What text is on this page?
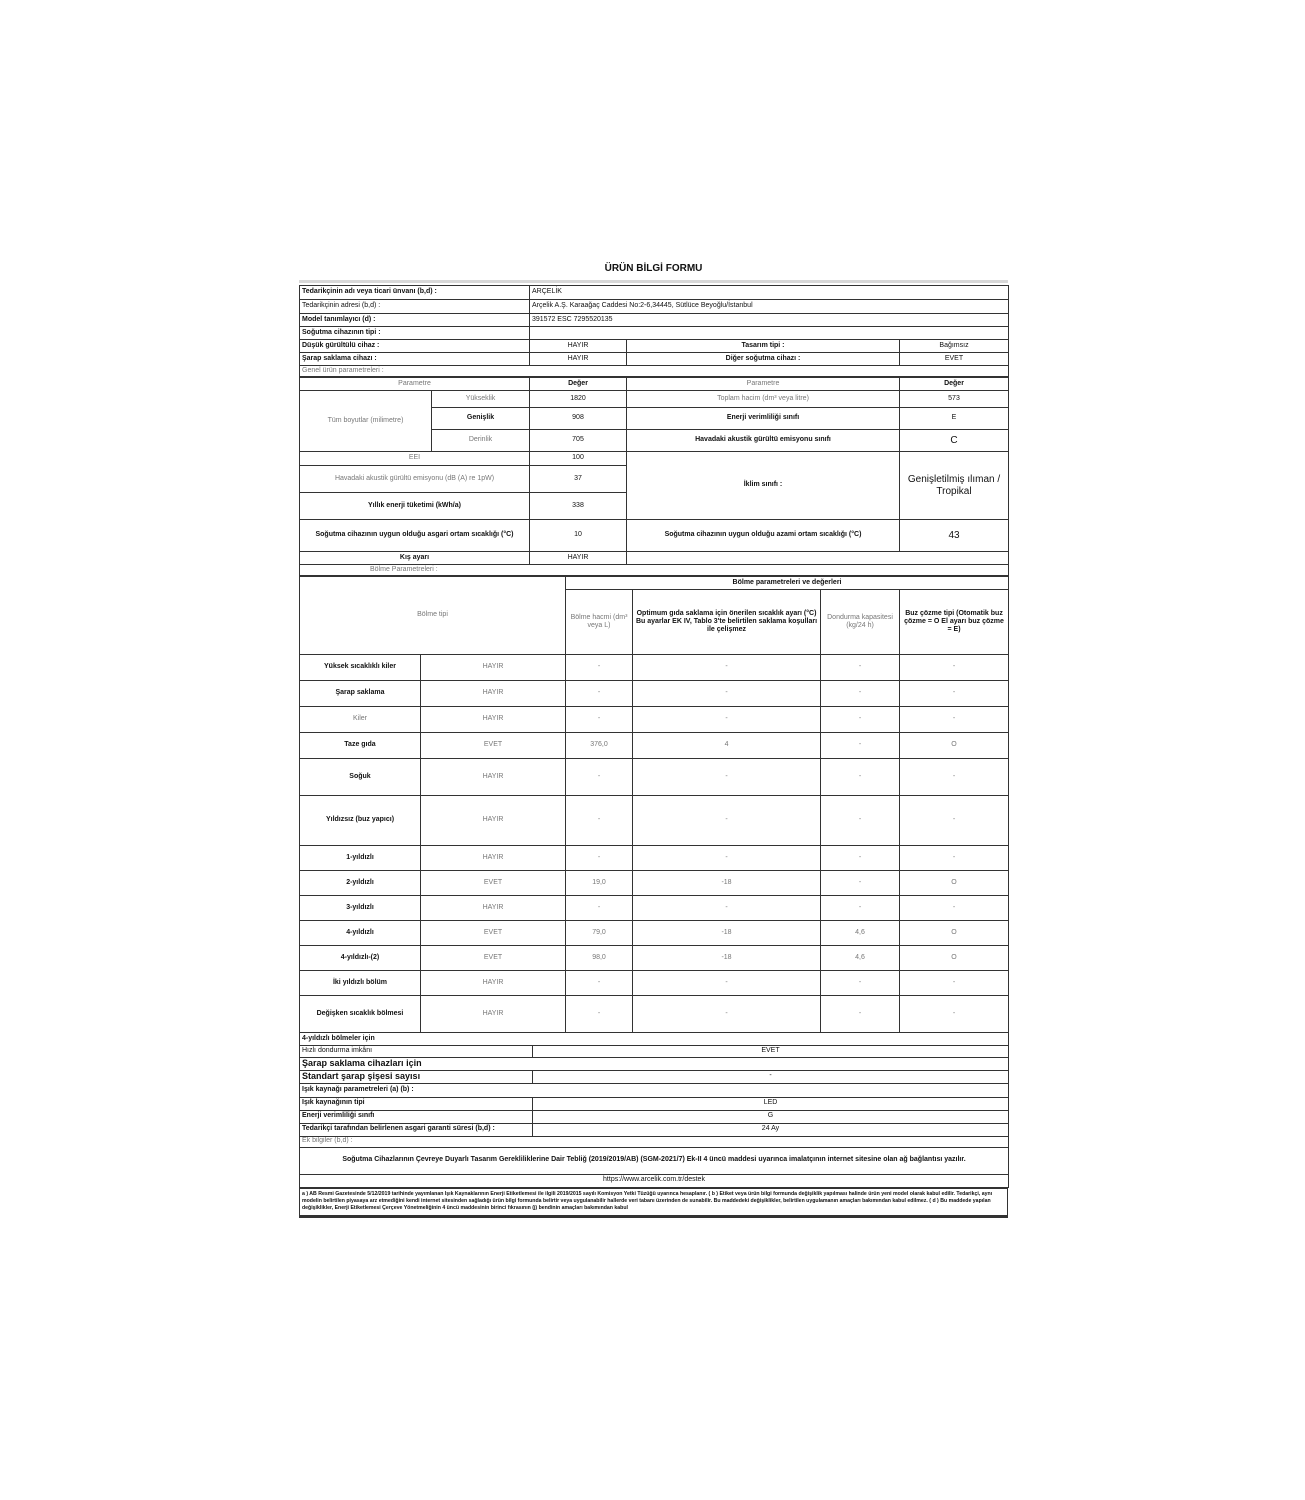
ÜRÜN BİLGİ FORMU
Tedarikçinin adı veya ticari ünvanı (b,d) :	ARÇELİK		
Tedarikçinin adresi (b,d) :	Arçelik A.Ş. Karaağaç Caddesi No:2-6,34445, Sütlüce Beyoğlu/İstanbul		
Model tanımlayıcı (d) :	391572 ESC 7295520135		
Soğutma cihazının tipi :			
Düşük gürültülü cihaz :	HAYIR	Tasarım tipi :	Bağımsız
Şarap saklama cihazı :	HAYIR	Diğer soğutma cihazı :	EVET
Genel ürün parametreleri :			
Parametre		Değer	Parametre	Değer
Tüm boyutlar (milimetre)	Yükseklik	1820	Toplam hacim (dm³ veya litre)	573
	Genişlik	908	Enerji verimliliği sınıfı	E
	Derinlik	705	Havadaki akustik gürültü emisyonu sınıfı	C
EEI		100	İklim sınıfı :	Genişletilmiş ılıman / Tropikal
Havadaki akustik gürültü emisyonu (dB (A) re 1pW)		37		
Yıllık enerji tüketimi (kWh/a)		338		
Soğutma cihazının uygun olduğu asgari ortam sıcaklığı (°C)		10	Soğutma cihazının uygun olduğu azami ortam sıcaklığı (°C)	43
Kış ayarı		HAYIR		
Bölme Parametreleri :				
Bölme tipi		Bölme parametreleri ve değerleri			
		Bölme hacmi (dm³ veya L)	Optimum gıda saklama için önerilen sıcaklık ayarı (°C) Bu ayarlar EK IV, Tablo 3'te belirtilen saklama koşulları ile çelişmez	Dondurma kapasitesi (kg/24 h)	Buz çözme tipi (Otomatik buz çözme = O El ayarı buz çözme = E)
Yüksek sıcaklıklı kiler	HAYIR	-	-	-	-
Şarap saklama	HAYIR	-	-	-	-
Kiler	HAYIR	-	-	-	-
Taze gıda	EVET	376,0	4	-	O
Soğuk	HAYIR	-	-	-	-
Yıldızsız (buz yapıcı)	HAYIR	-	-	-	-
1-yıldızlı	HAYIR	-	-	-	-
2-yıldızlı	EVET	19,0	-18	-	O
3-yıldızlı	HAYIR	-	-	-	-
4-yıldızlı	EVET	79,0	-18	4,6	O
4-yıldızlı-(2)	EVET	98,0	-18	4,6	O
İki yıldızlı bölüm	HAYIR	-	-	-	-
Değişken sıcaklık bölmesi	HAYIR	-	-	-	-
4-yıldızlı bölmeler için	
Hızlı dondurma imkânı	EVET
Şarap saklama cihazları için	
Standart şarap şişesi sayısı	-
Işık kaynağı parametreleri (a) (b) :	
Işık kaynağının tipi	LED
Enerji verimliliği sınıfı	G
Tedarikçi tarafından belirlenen asgari garanti süresi (b,d) :	24 Ay
Ek bilgiler (b,d) :	
Soğutma Cihazlarının Çevreye Duyarlı Tasarım Gerekliliklerine Dair Tebliğ (2019/2019/AB) (SGM-2021/7) Ek-II 4 üncü maddesi uyarınca imalatçının internet sitesine olan ağ bağlantısı yazılır.	
https://www.arcelik.com.tr/destek	
a ) AB Resmi Gazetesinde 5/12/2019 tarihinde yayımlanan Işık Kaynaklarının Enerji Etiketlemesi ile ilgili 2019/2015 sayılı Komisyon Yetki Tüzüğü uyarınca hesaplanır. ( b ) Etiket veya ürün bilgi formunda değişiklik yapılması halinde ürün yeni model olarak kabul edilir. Tedarikçi, aynı modelin belirtilen piyasaya arz etmediğini kendi internet sitesinden sağladığı ürün bilgi formunda belirtir veya uygulanabilir hallerde veri tabanı üzerinden de sunabilir. Bu maddedeki değişiklikler, belirtilen uygulamanın amaçları bakımından kabul edilmez. ( d ) Bu maddede yapılan değişiklikler, Enerji Etiketlemesi Çerçeve Yönetmeliğinin 4 üncü maddesinin birinci fıkrasının (j) bendinin amaçları bakımından kabul
